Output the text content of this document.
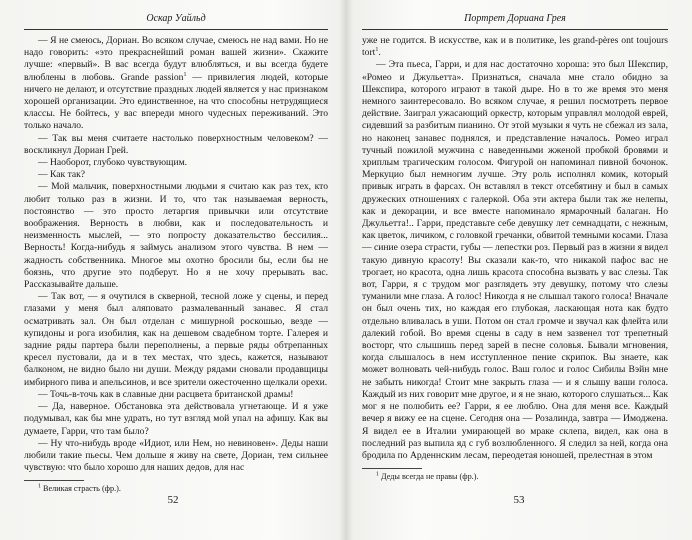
Оскар Уайльд

— Я не смеюсь, Дориан. Во всяком случае, смеюсь не над вами. Но не надо говорить: «это прекраснейший роман вашей жизни». Скажите лучше: «первый». В вас всегда будут влюбляться, и вы всегда будете влюблены в любовь. Grande passion$^1$ — привилегия людей, которые ничего не делают, и отсутствие праздных людей является у нас признаком хорошей организации. Это единственное, на что способны нетрудящиеся классы. Не бойтесь, у вас впереди много чудесных переживаний. Это только начало.

— Так вы меня считаете настолько поверхностным человеком? — воскликнул Дориан Грей.

— Наоборот, глубоко чувствующим.

— Как так?

— Мой мальчик, поверхностными людьми я считаю как раз тех, кто любит только раз в жизни. И то, что так называемая верность, постоянство — это просто летаргия привычки или отсутствие воображения. Верность в любви, как и последовательность и неизменность мыслей, — это попросту доказательство бессилия... Верность! Когда-нибудь я займусь анализом этого чувства. В нем — жадность собственника. Многое мы охотно бросили бы, если бы не боязнь, что другие это подберут. Но я не хочу прерывать вас. Рассказывайте дальше.

— Так вот, — я очутился в скверной, тесной ложе у сцены, и перед глазами у меня был аляповато размалеванный занавес. Я стал осматривать зал. Он был отделан с мишурной роскошью, везде — купидоны и рога изобилия, как на дешевом свадебном торте. Галерея и задние ряды партера были переполнены, а первые ряды обтрепанных кресел пустовали, да и в тех местах, что здесь, кажется, называют балконом, не видно было ни души. Между рядами сновали продавщицы имбирного пива и апельсинов, и все зрители ожесточенно щелкали орехи.

— Точь-в-точь как в славные дни расцвета британской драмы!

— Да, наверное. Обстановка эта действовала угнетающе. И я уже подумывал, как бы мне удрать, но тут взгляд мой упал на афишу. Как вы думаете, Гарри, что там было?

— Ну что-нибудь вроде «Идиот, или Нем, но невиновен». Деды наши любили такие пьесы. Чем дольше я живу на свете, Дориан, тем сильнее чувствую: что было хорошо для наших дедов, для нас

$^1$ Великая страсть (фр.).
52
Портрет Дориана Грея

уже не годится. В искусстве, как и в политике, les grand-pères ont toujours tort$^1$.

— Эта пьеса, Гарри, и для нас достаточно хороша: это был Шекспир, «Ромео и Джульетта». Признаться, сначала мне стало обидно за Шекспира, которого играют в такой дыре. Но в то же время это меня немного заинтересовало. Во всяком случае, я решил посмотреть первое действие. Заиграл ужасающий оркестр, которым управлял молодой еврей, сидевший за разбитым пианино. От этой музыки я чуть не сбежал из зала, но наконец занавес поднялся, и представление началось. Ромео играл тучный пожилой мужчина с наведенными жженой пробкой бровями и хриплым трагическим голосом. Фигурой он напоминал пивной бочонок. Меркуцио был немногим лучше. Эту роль исполнял комик, который привык играть в фарсах. Он вставлял в текст отсебятину и был в самых дружеских отношениях с галеркой. Оба эти актера были так же нелепы, как и декорации, и все вместе напоминало ярмарочный балаган. Но Джульетта!.. Гарри, представьте себе девушку лет семнадцати, с нежным, как цветок, личиком, с головкой гречанки, обвитой темными косами. Глаза — синие озера страсти, губы — лепестки роз. Первый раз в жизни я видел такую дивную красоту! Вы сказали как-то, что никакой пафос вас не трогает, но красота, одна лишь красота способна вызвать у вас слезы. Так вот, Гарри, я с трудом мог разглядеть эту девушку, потому что слезы туманили мне глаза. А голос! Никогда я не слышал такого голоса! Вначале он был очень тих, но каждая его глубокая, ласкающая нота как будто отдельно вливалась в уши. Потом он стал громче и звучал как флейта или далекий гобой. Во время сцены в саду в нем зазвенел тот трепетный восторг, что слышишь перед зарей в песне соловья. Бывали мгновения, когда слышалось в нем исступленное пение скрипок. Вы знаете, как может волновать чей-нибудь голос. Ваш голос и голос Сибилы Вэйн мне не забыть никогда! Стоит мне закрыть глаза — и я слышу ваши голоса. Каждый из них говорит мне другое, и я не знаю, которого слушаться... Как мог я не полюбить ее? Гарри, я ее люблю. Она для меня все. Каждый вечер я вижу ее на сцене. Сегодня она — Розалинда, завтра — Имоджена. Я видел ее в Италии умирающей во мраке склепа, видел, как она в последний раз выпила яд с губ возлюбленного. Я следил за ней, когда она бродила по Арденнским лесам, переодетая юношей, прелестная в этом

$^1$ Деды всегда не правы (фр.).
53
